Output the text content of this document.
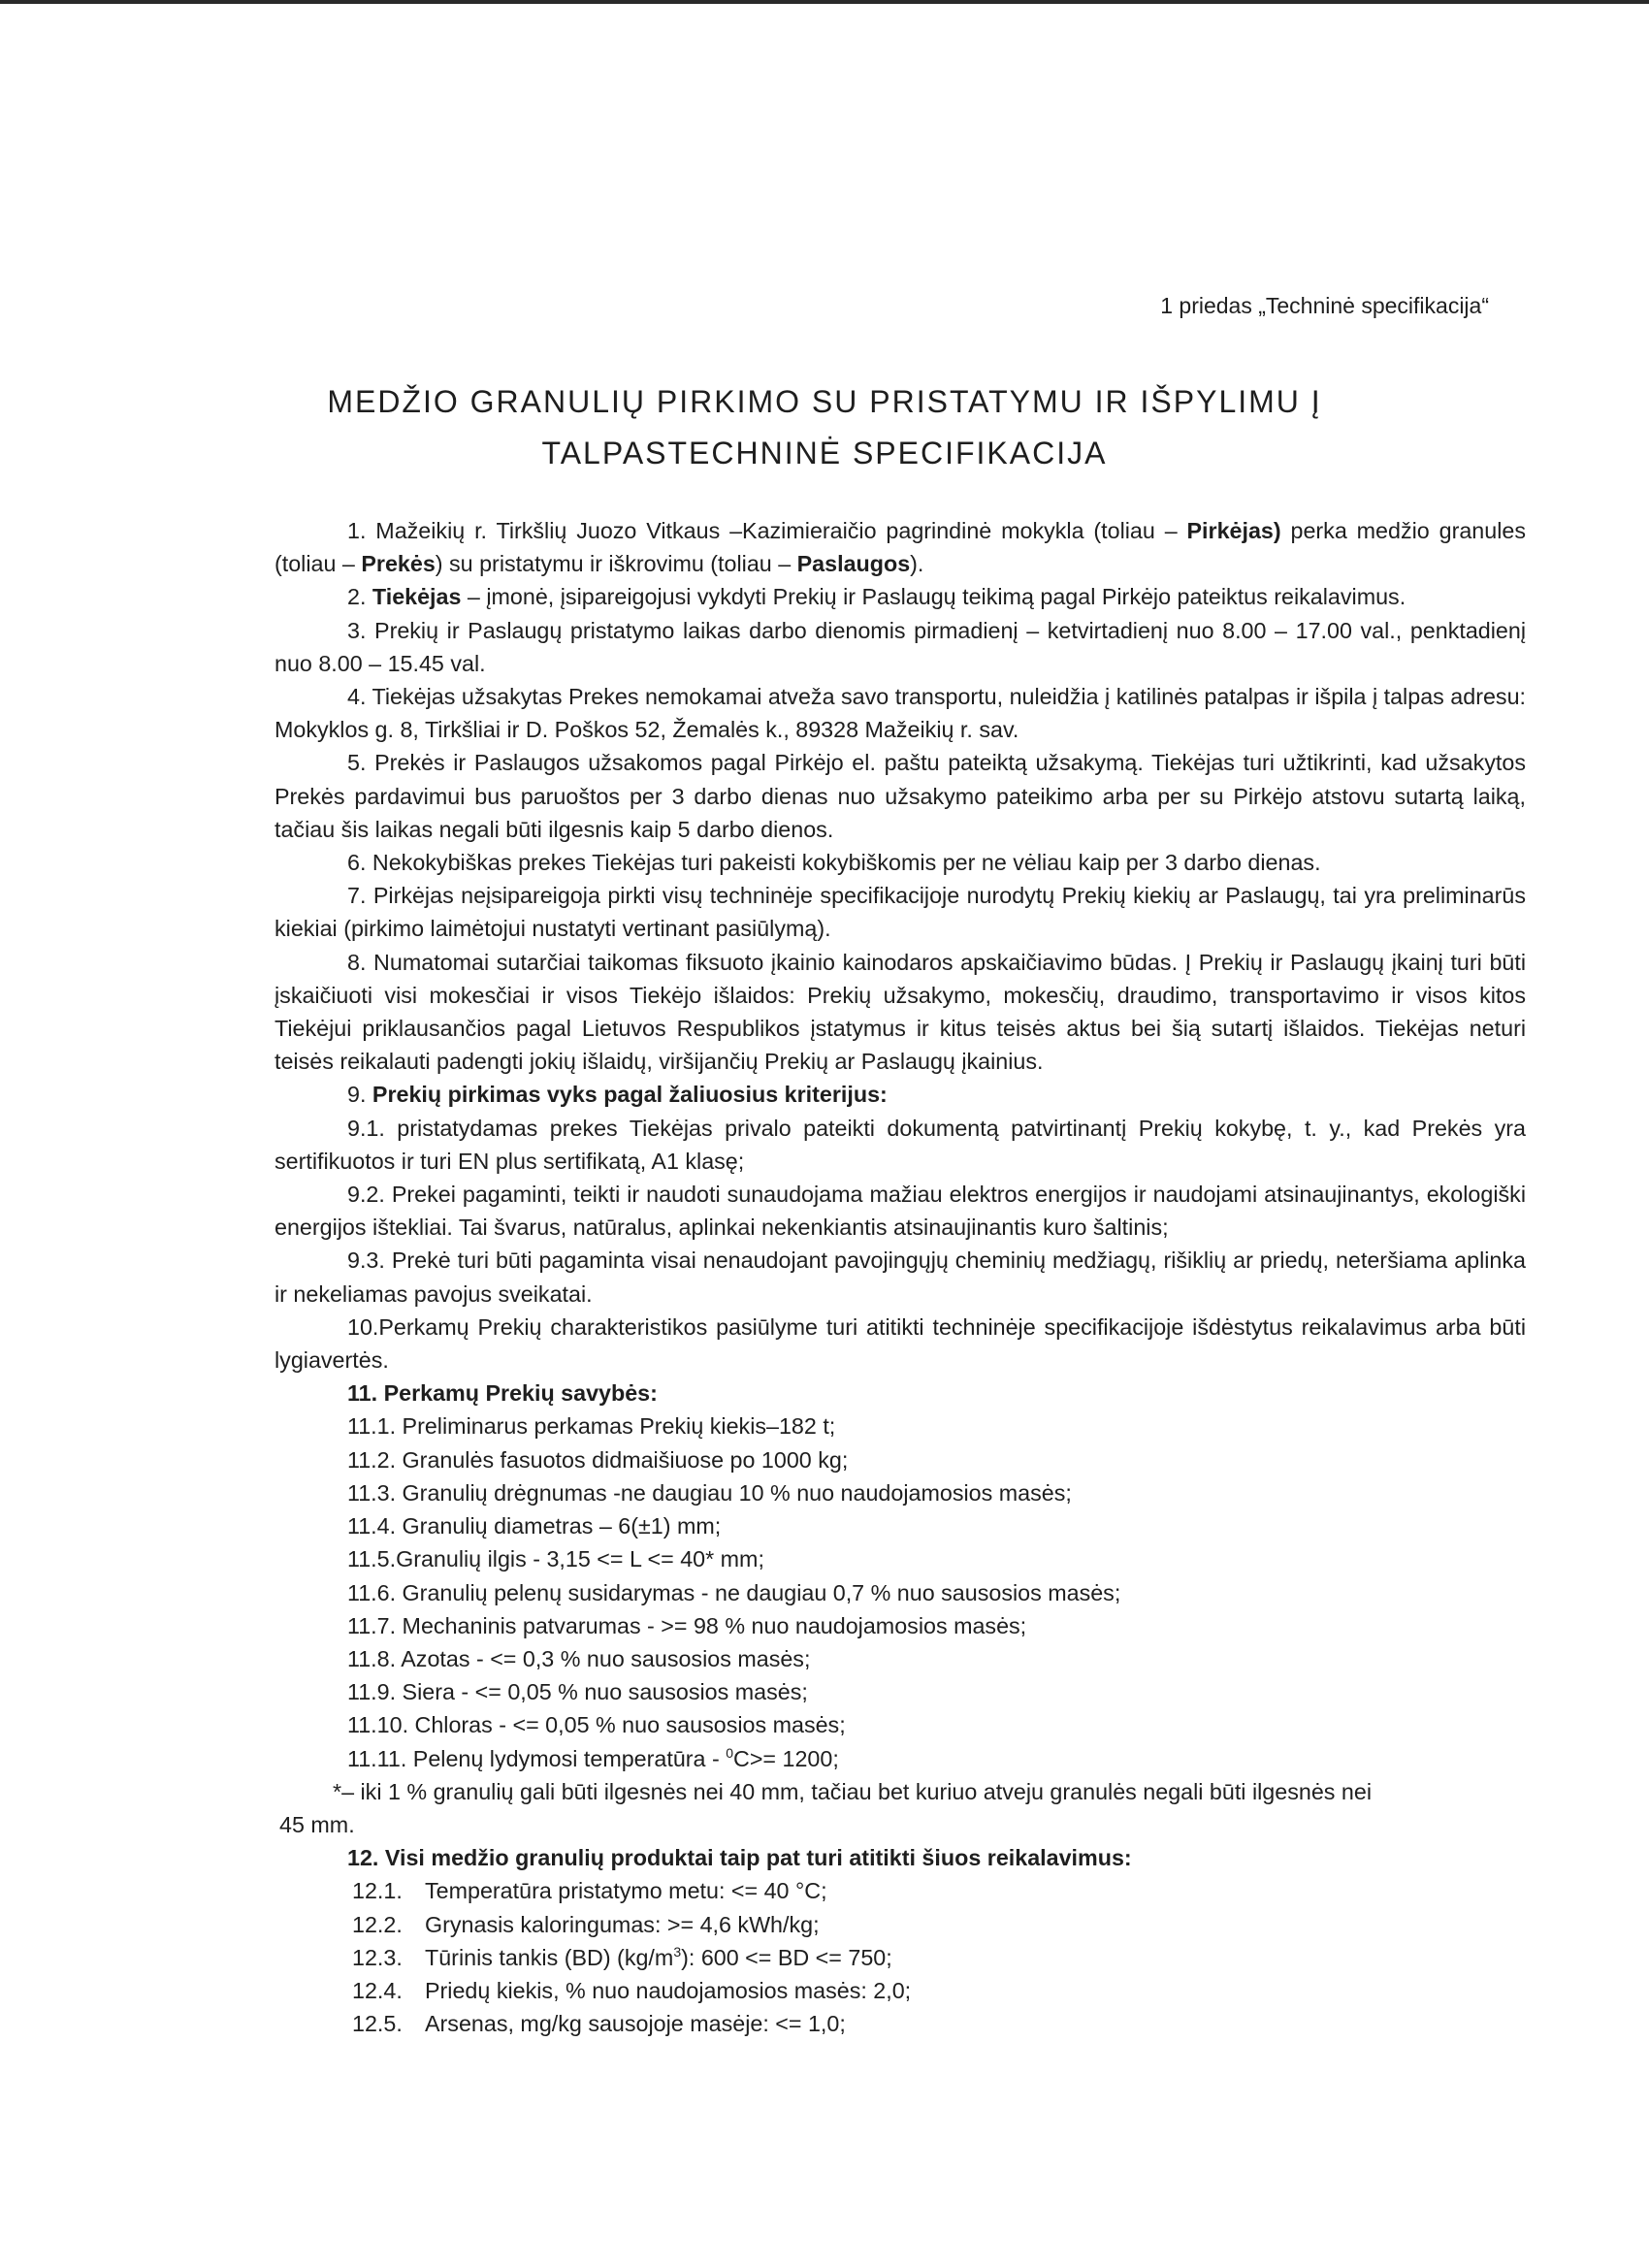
1 priedas „Techninė specifikacija“
MEDŽIO GRANULIŲ PIRKIMO SU PRISTATYMU IR IŠPYLIMU Į
TALPASTECHNINĖ SPECIFIKACIJA

1. Mažeikių r. Tirkšlių Juozo Vitkaus –Kazimieraičio pagrindinė mokykla (toliau – Pirkėjas) perka medžio granules (toliau – Prekės) su pristatymu ir iškrovimu (toliau – Paslaugos).

2. Tiekėjas – įmonė, įsipareigojusi vykdyti Prekių ir Paslaugų teikimą pagal Pirkėjo pateiktus reikalavimus.

3. Prekių ir Paslaugų pristatymo laikas darbo dienomis pirmadienį – ketvirtadienį nuo 8.00 – 17.00 val., penktadienį nuo 8.00 – 15.45 val.

4. Tiekėjas užsakytas Prekes nemokamai atveža savo transportu, nuleidžia į katilinės patalpas ir išpila į talpas adresu: Mokyklos g. 8, Tirkšliai ir D. Poškos 52, Žemalės k., 89328 Mažeikių r. sav.

5. Prekės ir Paslaugos užsakomos pagal Pirkėjo el. paštu pateiktą užsakymą. Tiekėjas turi užtikrinti, kad užsakytos Prekės pardavimui bus paruoštos per 3 darbo dienas nuo užsakymo pateikimo arba per su Pirkėjo atstovu sutartą laiką, tačiau šis laikas negali būti ilgesnis kaip 5 darbo dienos.

6. Nekokybiškas prekes Tiekėjas turi pakeisti kokybiškomis per ne vėliau kaip per 3 darbo dienas.

7. Pirkėjas neįsipareigoja pirkti visų techninėje specifikacijoje nurodytų Prekių kiekių ar Paslaugų, tai yra preliminarūs kiekiai (pirkimo laimėtojui nustatyti vertinant pasiūlymą).

8. Numatomai sutarčiai taikomas fiksuoto įkainio kainodaros apskaičiavimo būdas. Į Prekių ir Paslaugų įkainį turi būti įskaičiuoti visi mokesčiai ir visos Tiekėjo išlaidos: Prekių užsakymo, mokesčių, draudimo, transportavimo ir visos kitos Tiekėjui priklausančios pagal Lietuvos Respublikos įstatymus ir kitus teisės aktus bei šią sutartį išlaidos. Tiekėjas neturi teisės reikalauti padengti jokių išlaidų, viršijančių Prekių ar Paslaugų įkainius.

9. Prekių pirkimas vyks pagal žaliuosius kriterijus:

9.1. pristatydamas prekes Tiekėjas privalo pateikti dokumentą patvirtinantį Prekių kokybę, t. y., kad Prekės yra sertifikuotos ir turi EN plus sertifikatą, A1 klasę;

9.2. Prekei pagaminti, teikti ir naudoti sunaudojama mažiau elektros energijos ir naudojami atsinaujinantys, ekologiški energijos ištekliai. Tai švarus, natūralus, aplinkai nekenkiantis atsinaujinantis kuro šaltinis;

9.3. Prekė turi būti pagaminta visai nenaudojant pavojingųjų cheminių medžiagų, rišiklių ar priedų, neteršiama aplinka ir nekeliamas pavojus sveikatai.

10.Perkamų Prekių charakteristikos pasiūlyme turi atitikti techninėje specifikacijoje išdėstytus reikalavimus arba būti lygiavertės.

11. Perkamų Prekių savybės:

11.1. Preliminarus perkamas Prekių kiekis–182 t;

11.2. Granulės fasuotos didmaišiuose po 1000 kg;

11.3. Granulių drėgnumas -ne daugiau 10 % nuo naudojamosios masės;

11.4. Granulių diametras – 6(±1) mm;

11.5.Granulių ilgis - 3,15 <= L <= 40* mm;

11.6. Granulių pelenų susidarymas - ne daugiau 0,7 % nuo sausosios masės;

11.7. Mechaninis patvarumas - >= 98 % nuo naudojamosios masės;

11.8. Azotas - <= 0,3 % nuo sausosios masės;

11.9. Siera - <= 0,05 % nuo sausosios masės;

11.10. Chloras - <= 0,05 % nuo sausosios masės;

11.11. Pelenų lydymosi temperatūra - $^0$C>= 1200;

*– iki 1 % granulių gali būti ilgesnės nei 40 mm, tačiau bet kuriuo atveju granulės negali būti ilgesnės nei

45 mm.

12. Visi medžio granulių produktai taip pat turi atitikti šiuos reikalavimus:

12.1. Temperatūra pristatymo metu: <= 40 °C;
12.2. Grynasis kaloringumas: >= 4,6 kWh/kg;
12.3. Tūrinis tankis (BD) $(kg/m^3)$: 600 <= BD <= 750;
12.4. Priedų kiekis, % nuo naudojamosios masės: 2,0;
12.5. Arsenas, mg/kg sausojoje masėje: <= 1,0;
